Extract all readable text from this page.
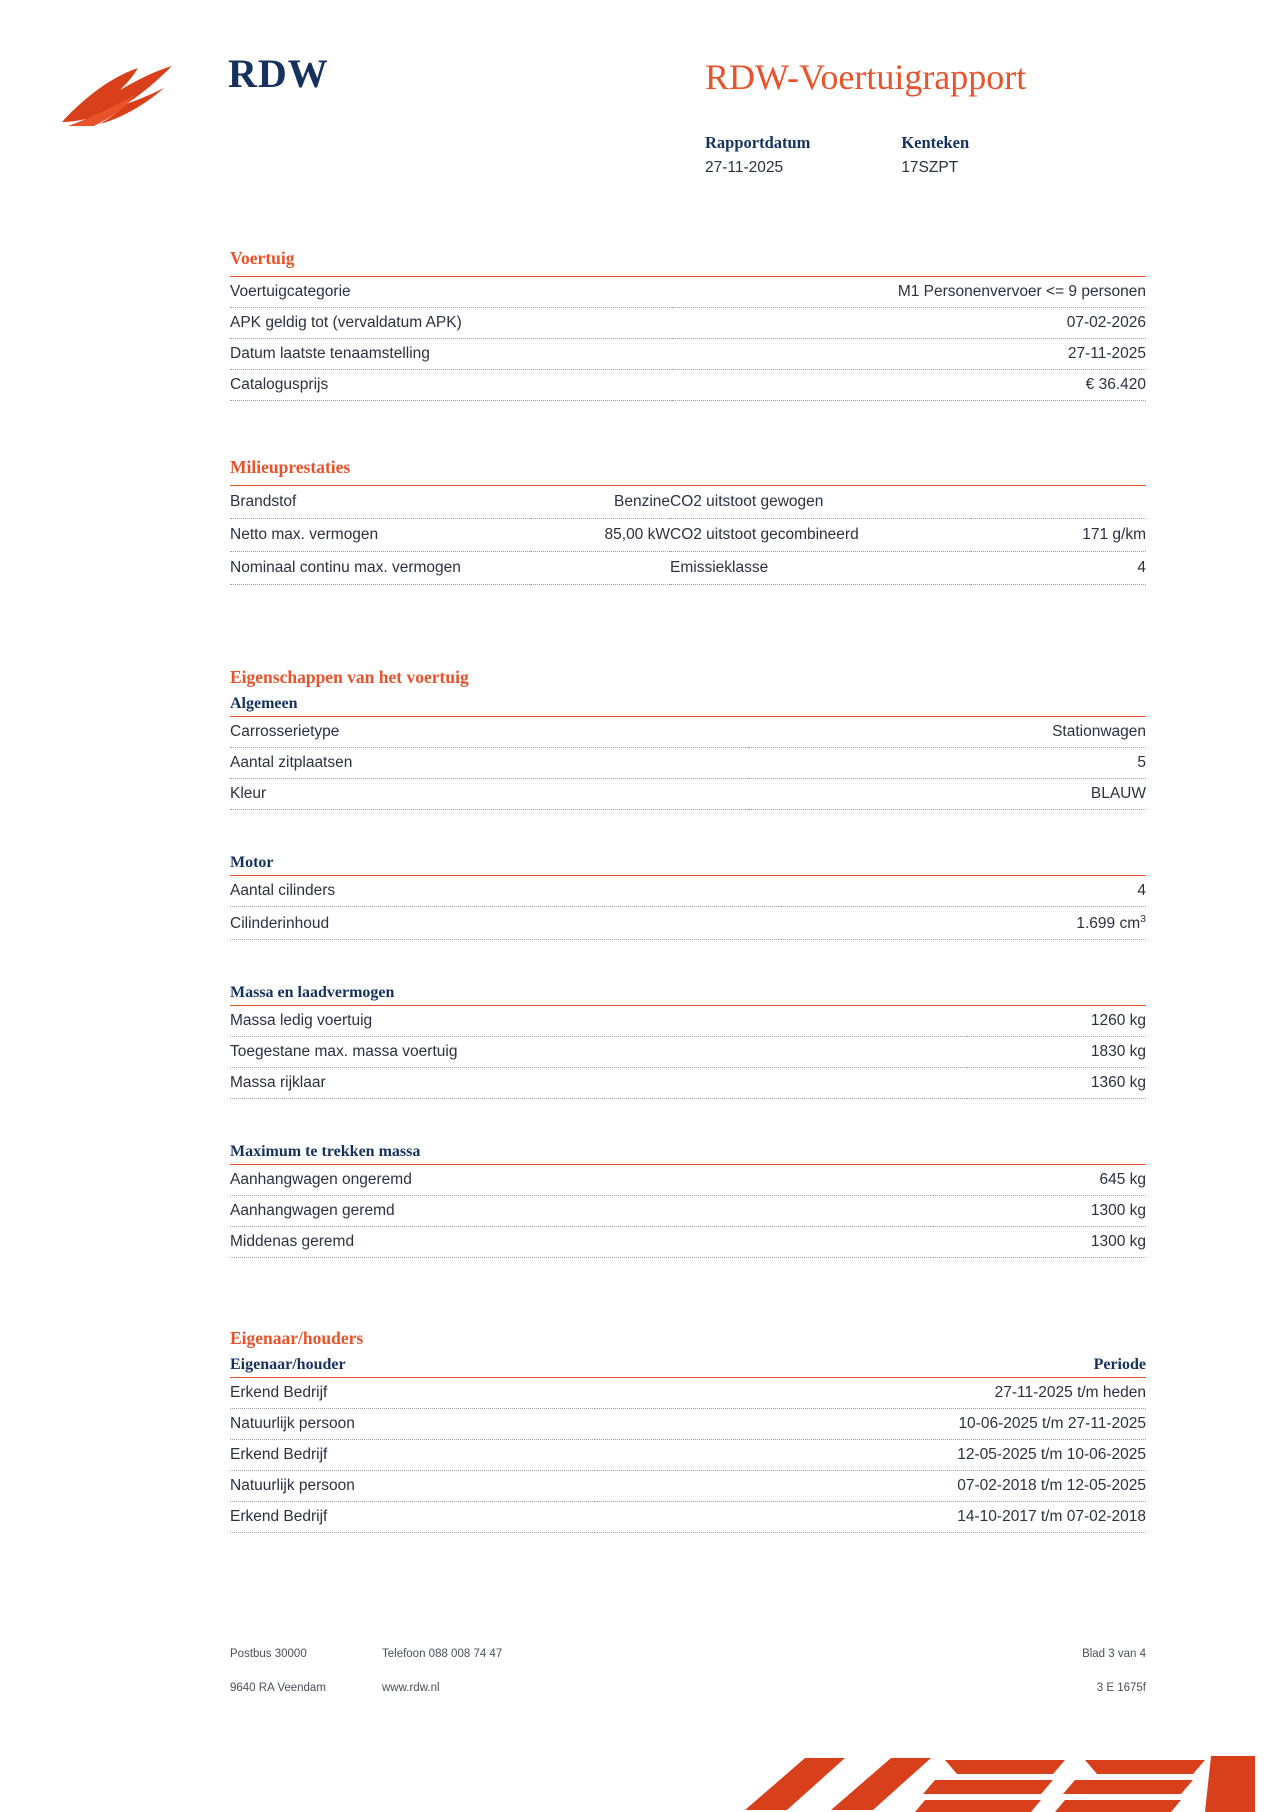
RDW	RDW-Voertuigrapport
Rapportdatum
27-11-2025

Kenteken
17SZPT
Voertuig
Voertuigcategorie	M1 Personenvervoer <= 9 personen
APK geldig tot (vervaldatum APK)	07-02-2026
Datum laatste tenaamstelling	27-11-2025
Catalogusprijs	€ 36.420
Milieuprestaties
Brandstof	Benzine	CO2 uitstoot gewogen	
Netto max. vermogen	85,00 kW	CO2 uitstoot gecombineerd	171 g/km
Nominaal continu max. vermogen		Emissieklasse	4
Eigenschappen van het voertuig
Algemeen
Carrosserietype	Stationwagen
Aantal zitplaatsen	5
Kleur	BLAUW
Motor
Aantal cilinders	4
Cilinderinhoud	1.699 $cm^3$
Massa en laadvermogen
Massa ledig voertuig	1260 kg
Toegestane max. massa voertuig	1830 kg
Massa rijklaar	1360 kg
Maximum te trekken massa
Aanhangwagen ongeremd	645 kg
Aanhangwagen geremd	1300 kg
Middenas geremd	1300 kg
Eigenaar/houders
Eigenaar/houder	Periode
Erkend Bedrijf	27-11-2025 t/m heden
Natuurlijk persoon	10-06-2025 t/m 27-11-2025
Erkend Bedrijf	12-05-2025 t/m 10-06-2025
Natuurlijk persoon	07-02-2018 t/m 12-05-2025
Erkend Bedrijf	14-10-2017 t/m 07-02-2018
Postbus 30000	Telefoon 088 008 74 47	Blad 3 van 4
9640 RA Veendam	www.rdw.nl	3 E 1675f
